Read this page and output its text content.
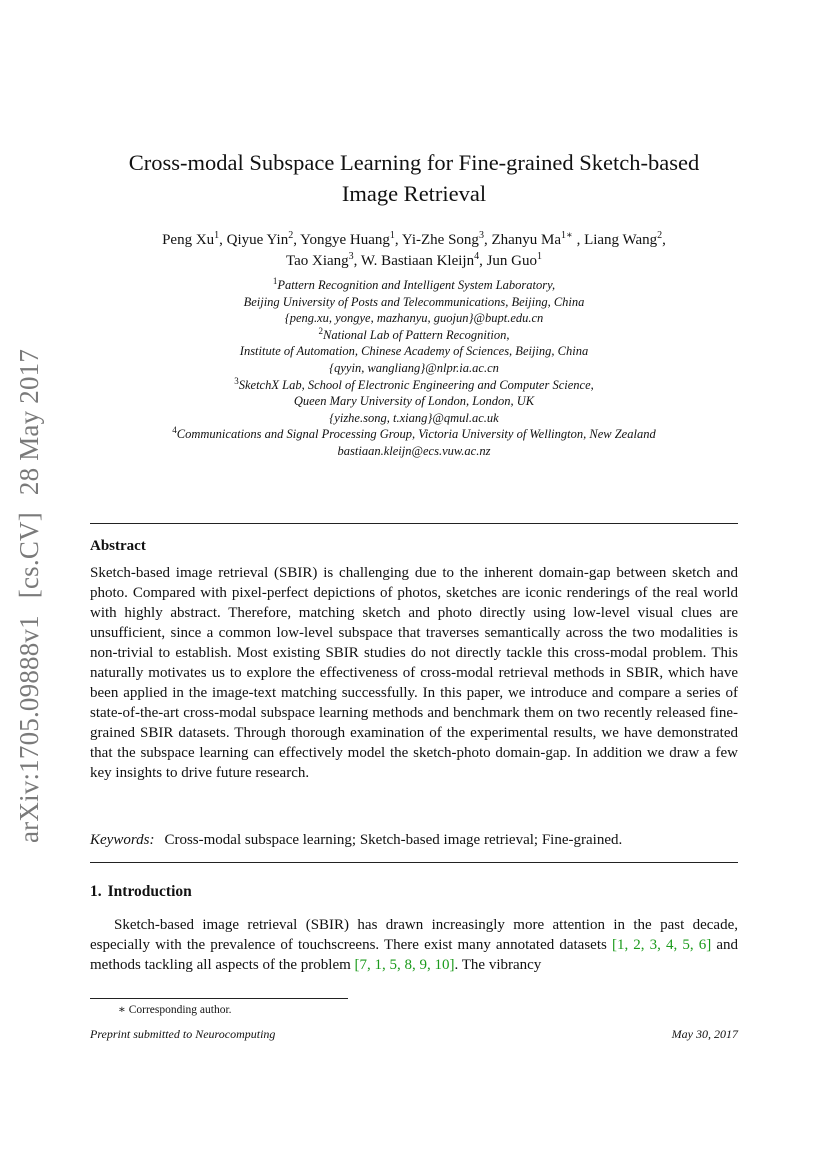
arXiv:1705.09888v1 [cs.CV] 28 May 2017
Cross-modal Subspace Learning for Fine-grained Sketch-based
Image Retrieval
Peng Xu$^1$, Qiyue Yin$^2$, Yongye Huang$^1$, Yi-Zhe Song$^3$, Zhanyu $Ma^{1∗}$ , Liang Wang$^2$,
Tao Xiang$^3$, W. Bastiaan Kleijn$^4$, Jun Guo$^1$
$^1$Pattern Recognition and Intelligent System Laboratory,
Beijing University of Posts and Telecommunications, Beijing, China
{peng.xu, yongye, mazhanyu, guojun}@bupt.edu.cn
$^2$National Lab of Pattern Recognition,
Institute of Automation, Chinese Academy of Sciences, Beijing, China
{qyyin, wangliang}@nlpr.ia.ac.cn
$^3$SketchX Lab, School of Electronic Engineering and Computer Science,
Queen Mary University of London, London, UK
{yizhe.song, t.xiang}@qmul.ac.uk
$^4$Communications and Signal Processing Group, Victoria University of Wellington, New Zealand
bastiaan.kleijn@ecs.vuw.ac.nz
Abstract
Sketch-based image retrieval (SBIR) is challenging due to the inherent domain-gap between sketch and photo. Compared with pixel-perfect depictions of photos, sketches are iconic renderings of the real world with highly abstract. Therefore, matching sketch and photo directly using low-level visual clues are unsufficient, since a common low-level subspace that traverses semantically across the two modalities is non-trivial to establish. Most existing SBIR studies do not directly tackle this cross-modal problem. This naturally motivates us to explore the effectiveness of cross-modal retrieval methods in SBIR, which have been applied in the image-text matching successfully. In this paper, we introduce and compare a series of state-of-the-art cross-modal subspace learning methods and benchmark them on two recently released fine-grained SBIR datasets. Through thorough examination of the experimental results, we have demonstrated that the subspace learning can effectively model the sketch-photo domain-gap. In addition we draw a few key insights to drive future research.
Keywords: Cross-modal subspace learning; Sketch-based image retrieval; Fine-grained.
1. Introduction
Sketch-based image retrieval (SBIR) has drawn increasingly more attention in the past decade, especially with the prevalence of touchscreens. There exist many annotated datasets [1, 2, 3, 4, 5, 6] and methods tackling all aspects of the problem [7, 1, 5, 8, 9, 10]. The vibrancy
∗ Corresponding author.
Preprint submitted to Neurocomputing	May 30, 2017
